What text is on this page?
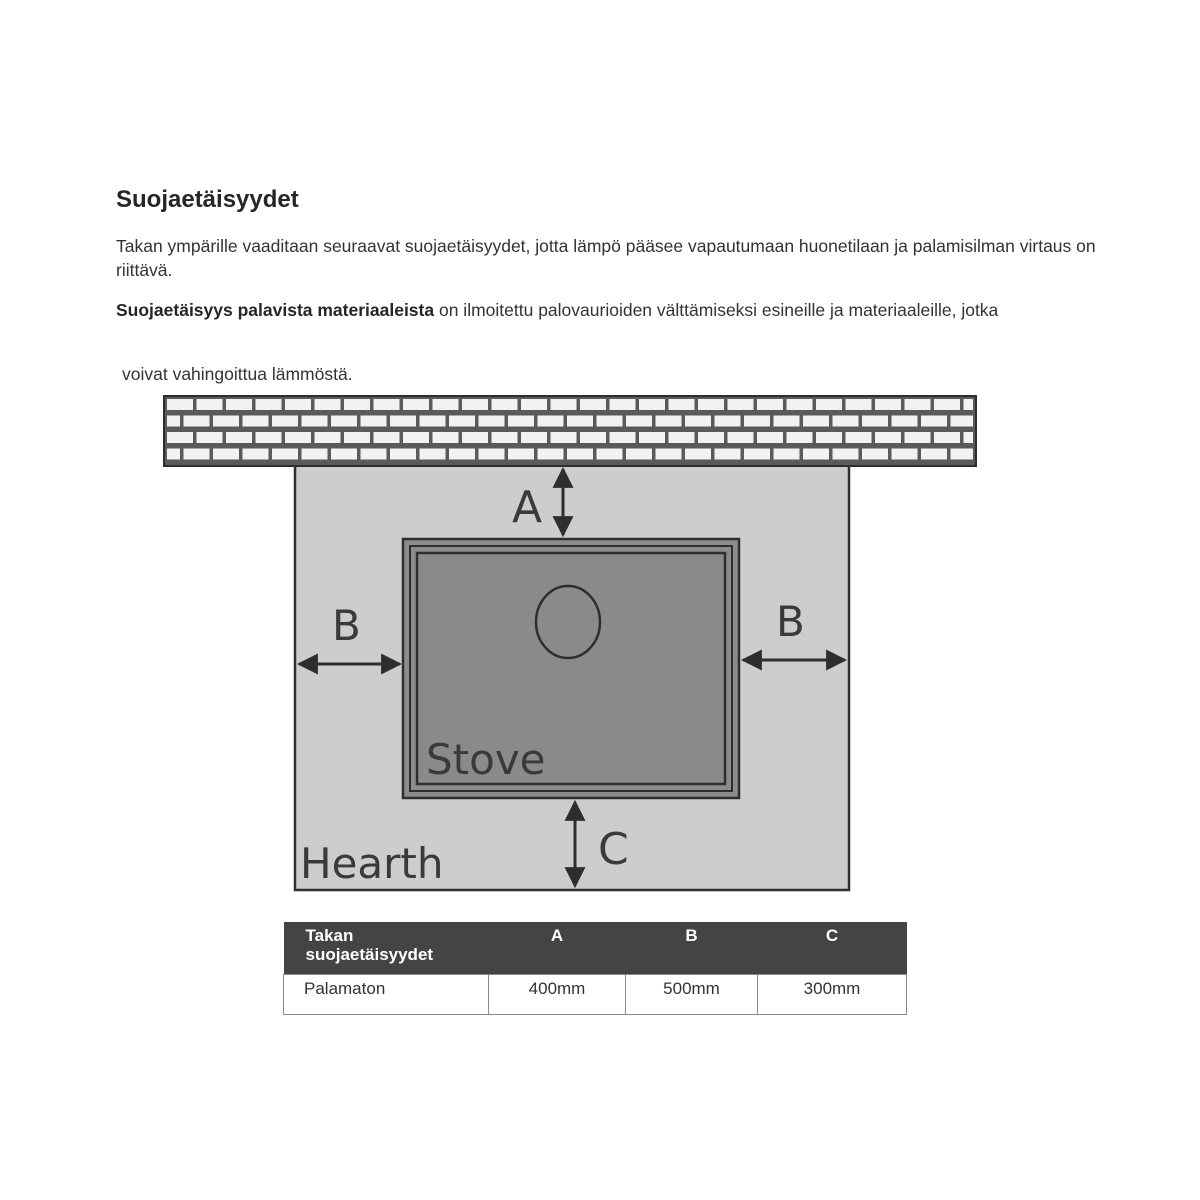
Suojaetäisyydet

Takan ympärille vaaditaan seuraavat suojaetäisyydet, jotta lämpö pääsee vapautumaan huonetilaan ja palamisilman virtaus on riittävä.

Suojaetäisyys palavista materiaaleista on ilmoitettu palovaurioiden välttämiseksi esineille ja materiaaleille, jotka

voivat vahingoittua lämmöstä.

A
B	B
C
Stove
Hearth
Takan suojaetäisyydet	A	B	C
Palamaton	400mm	500mm	300mm
